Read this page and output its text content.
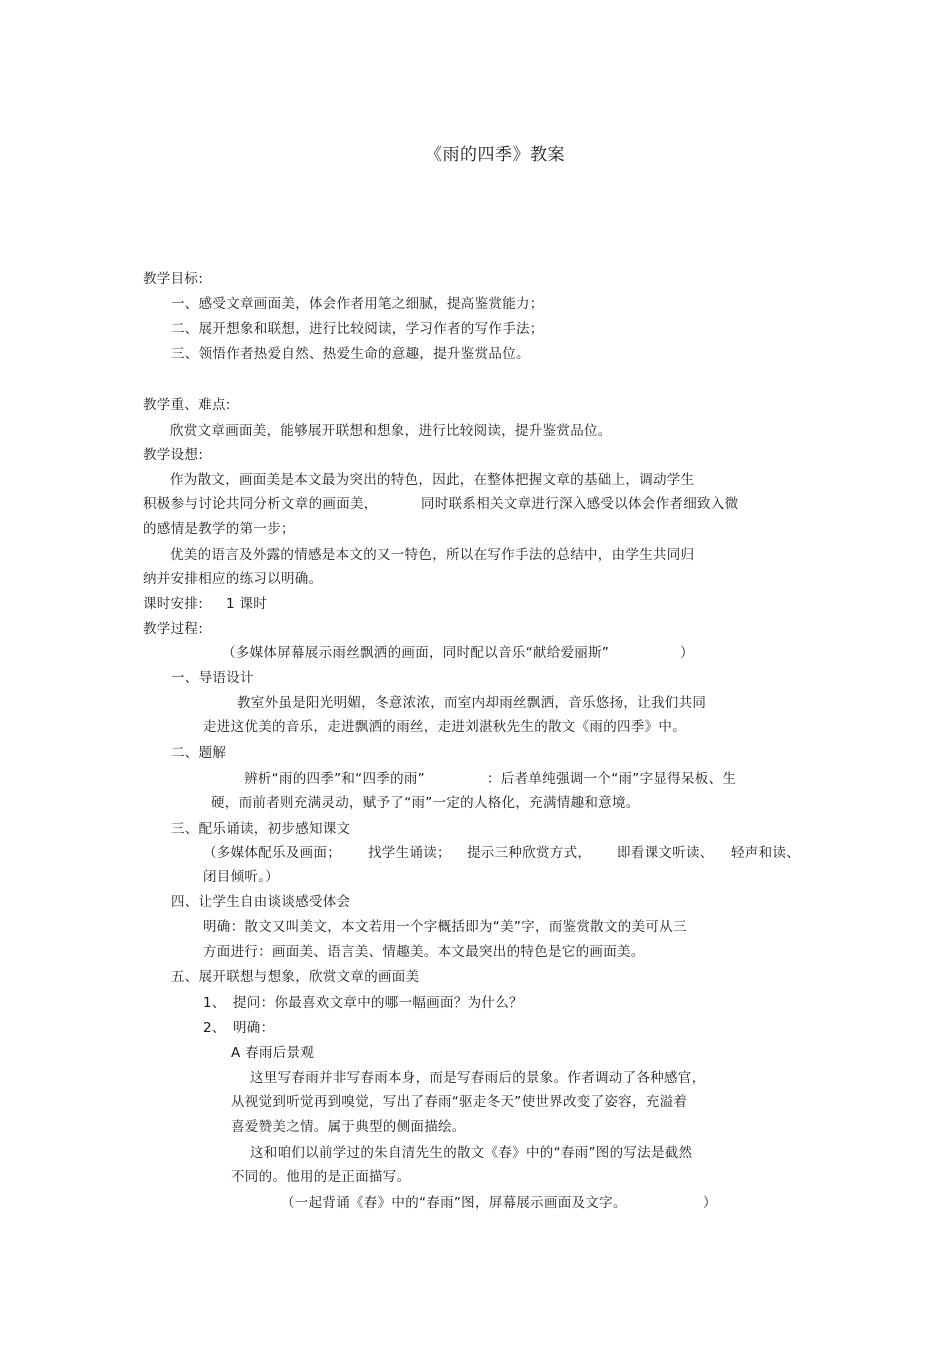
《雨的四季》教案
教学目标:
一、感受文章画面美，体会作者用笔之细腻，提高鉴赏能力；
二、展开想象和联想，进行比较阅读，学习作者的写作手法；
三、领悟作者热爱自然、热爱生命的意趣，提升鉴赏品位。
教学重、难点:
欣赏文章画面美，能够展开联想和想象，进行比较阅读，提升鉴赏品位。
教学设想:
作为散文，画面美是本文最为突出的特色，因此，在整体把握文章的基础上，调动学生
积极参与讨论共同分析文章的画面美，	同时联系相关文章进行深入感受以体会作者细致入微
的感情是教学的第一步；
优美的语言及外露的情感是本文的又一特色，所以在写作手法的总结中，由学生共同归
纳并安排相应的练习以明确。
课时安排: 1 课时
教学过程:
（多媒体屏幕展示雨丝飘洒的画面，同时配以音乐“献给爱丽斯”	）
一、导语设计
教室外虽是阳光明媚，冬意浓浓，而室内却雨丝飘洒，音乐悠扬，让我们共同
走进这优美的音乐，走进飘洒的雨丝，走进刘湛秋先生的散文《雨的四季》中。
二、题解
辨析“雨的四季”和“四季的雨”	：后者单纯强调一个“雨”字显得呆板、生
硬，而前者则充满灵动，赋予了“雨”一定的人格化，充满情趣和意境。
三、配乐诵读，初步感知课文
（多媒体配乐及画面； 找学生诵读； 提示三种欣赏方式， 即看课文听读、 轻声和读、
闭目倾听。）
四、让学生自由谈谈感受体会
明确：散文又叫美文，本文若用一个字概括即为“美”字，而鉴赏散文的美可从三
方面进行：画面美、语言美、情趣美。本文最突出的特色是它的画面美。
五、展开联想与想象，欣赏文章的画面美
1、 提问：你最喜欢文章中的哪一幅画面？为什么？
2、 明确：
A 春雨后景观
这里写春雨并非写春雨本身，而是写春雨后的景象。作者调动了各种感官，
从视觉到听觉再到嗅觉，写出了春雨“驱走冬天”使世界改变了姿容，充溢着
喜爱赞美之情。属于典型的侧面描绘。
这和咱们以前学过的朱自清先生的散文《春》中的“春雨”图的写法是截然
不同的。他用的是正面描写。
（一起背诵《春》中的“春雨”图，屏幕展示画面及文字。	）
